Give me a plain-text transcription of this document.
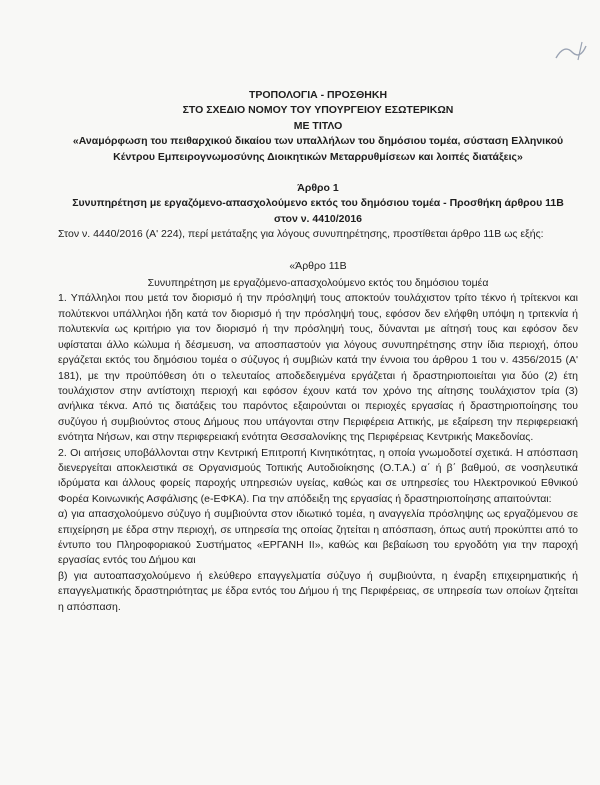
ΤΡΟΠΟΛΟΓΙΑ - ΠΡΟΣΘΗΚΗ
ΣΤΟ ΣΧΕΔΙΟ ΝΟΜΟΥ ΤΟΥ ΥΠΟΥΡΓΕΙΟΥ ΕΣΩΤΕΡΙΚΩΝ
ΜΕ ΤΙΤΛΟ
«Αναμόρφωση του πειθαρχικού δικαίου των υπαλλήλων του δημόσιου τομέα, σύσταση Ελληνικού
Κέντρου Εμπειρογνωμοσύνης Διοικητικών Μεταρρυθμίσεων και λοιπές διατάξεις»
Άρθρο 1
Συνυπηρέτηση με εργαζόμενο-απασχολούμενο εκτός του δημόσιου τομέα - Προσθήκη άρθρου 11Β
στον ν. 4410/2016
Στον ν. 4440/2016 (Α' 224), περί μετάταξης για λόγους συνυπηρέτησης, προστίθεται άρθρο 11Β ως εξής:
«Άρθρο 11Β
Συνυπηρέτηση με εργαζόμενο-απασχολούμενο εκτός του δημόσιου τομέα
1. Υπάλληλοι που μετά τον διορισμό ή την πρόσληψή τους αποκτούν τουλάχιστον τρίτο τέκνο ή τρίτεκνοι και πολύτεκνοι υπάλληλοι ήδη κατά τον διορισμό ή την πρόσληψή τους, εφόσον δεν ελήφθη υπόψη η τριτεκνία ή πολυτεκνία ως κριτήριο για τον διορισμό ή την πρόσληψή τους, δύνανται με αίτησή τους και εφόσον δεν υφίσταται άλλο κώλυμα ή δέσμευση, να αποσπαστούν για λόγους συνυπηρέτησης στην ίδια περιοχή, όπου εργάζεται εκτός του δημόσιου τομέα ο σύζυγος ή συμβιών κατά την έννοια του άρθρου 1 του ν. 4356/2015 (Α' 181), με την προϋπόθεση ότι ο τελευταίος αποδεδειγμένα εργάζεται ή δραστηριοποιείται για δύο (2) έτη τουλάχιστον στην αντίστοιχη περιοχή και εφόσον έχουν κατά τον χρόνο της αίτησης τουλάχιστον τρία (3) ανήλικα τέκνα. Από τις διατάξεις του παρόντος εξαιρούνται οι περιοχές εργασίας ή δραστηριοποίησης του συζύγου ή συμβιούντος στους Δήμους που υπάγονται στην Περιφέρεια Αττικής, με εξαίρεση την περιφερειακή ενότητα Νήσων, και στην περιφερειακή ενότητα Θεσσαλονίκης της Περιφέρειας Κεντρικής Μακεδονίας.
2. Οι αιτήσεις υποβάλλονται στην Κεντρική Επιτροπή Κινητικότητας, η οποία γνωμοδοτεί σχετικά. Η απόσπαση διενεργείται αποκλειστικά σε Οργανισμούς Τοπικής Αυτοδιοίκησης (Ο.Τ.Α.) α΄ ή β΄ βαθμού, σε νοσηλευτικά ιδρύματα και άλλους φορείς παροχής υπηρεσιών υγείας, καθώς και σε υπηρεσίες του Ηλεκτρονικού Εθνικού Φορέα Κοινωνικής Ασφάλισης (e-ΕΦΚΑ). Για την απόδειξη της εργασίας ή δραστηριοποίησης απαιτούνται:
α) για απασχολούμενο σύζυγο ή συμβιούντα στον ιδιωτικό τομέα, η αναγγελία πρόσληψης ως εργαζόμενου σε επιχείρηση με έδρα στην περιοχή, σε υπηρεσία της οποίας ζητείται η απόσπαση, όπως αυτή προκύπτει από το έντυπο του Πληροφοριακού Συστήματος «ΕΡΓΑΝΗ ΙΙ», καθώς και βεβαίωση του εργοδότη για την παροχή εργασίας εντός του Δήμου και
β) για αυτοαπασχολούμενο ή ελεύθερο επαγγελματία σύζυγο ή συμβιούντα, η έναρξη επιχειρηματικής ή επαγγελματικής δραστηριότητας με έδρα εντός του Δήμου ή της Περιφέρειας, σε υπηρεσία των οποίων ζητείται η απόσπαση.
